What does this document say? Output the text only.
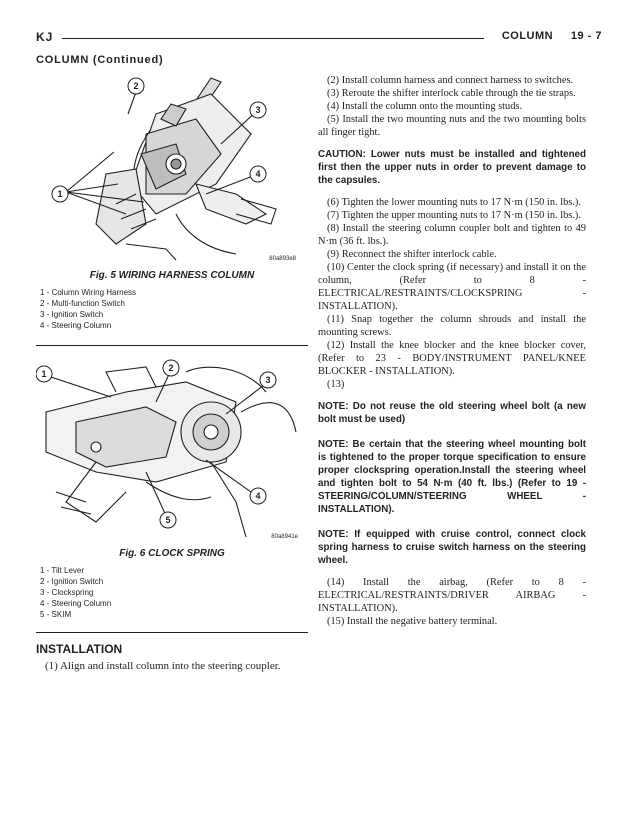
KJ	COLUMN     19 - 7
COLUMN (Continued)
2
3
4
1
80a893e8
Fig. 5 WIRING HARNESS COLUMN
1 - Column Wiring Harness
2 - Multi-function Switch
3 - Ignition Switch
4 - Steering Column
1
2
3
4
5
80a8941e
Fig. 6 CLOCK SPRING
1 - Tilt Lever
2 - Ignition Switch
3 - Clockspring
4 - Steering Column
5 - SKIM
INSTALLATION
(1) Align and install column into the steering coupler.

(2) Install column harness and connect harness to switches.

(3) Reroute the shifter interlock cable through the tie straps.

(4) Install the column onto the mounting studs.

(5) Install the two mounting nuts and the two mounting bolts all finger tight.

CAUTION: Lower nuts must be installed and tightened first then the upper nuts in order to prevent damage to the capsules.

(6) Tighten the lower mounting nuts to 17 N·m (150 in. lbs.).

(7) Tighten the upper mounting nuts to 17 N·m (150 in. lbs.).

(8) Install the steering column coupler bolt and tighten to 49 N·m (36 ft. lbs.).

(9) Reconnect the shifter interlock cable.

(10) Center the clock spring (if necessary) and install it on the column, (Refer to 8 - ELECTRICAL/RESTRAINTS/CLOCKSPRING - INSTALLATION).

(11) Snap together the column shrouds and install the mounting screws.

(12) Install the knee blocker and the knee blocker cover, (Refer to 23 - BODY/INSTRUMENT PANEL/KNEE BLOCKER - INSTALLATION).

(13)

NOTE: Do not reuse the old steering wheel bolt (a new bolt must be used)

NOTE: Be certain that the steering wheel mounting bolt is tightened to the proper torque specification to ensure proper clockspring operation.Install the steering wheel and tighten bolt to 54 N·m (40 ft. lbs.) (Refer to 19 - STEERING/COLUMN/STEERING WHEEL - INSTALLATION).

NOTE: If equipped with cruise control, connect clock spring harness to cruise switch harness on the steering wheel.

(14) Install the airbag, (Refer to 8 - ELECTRICAL/RESTRAINTS/DRIVER AIRBAG - INSTALLATION).

(15) Install the negative battery terminal.
